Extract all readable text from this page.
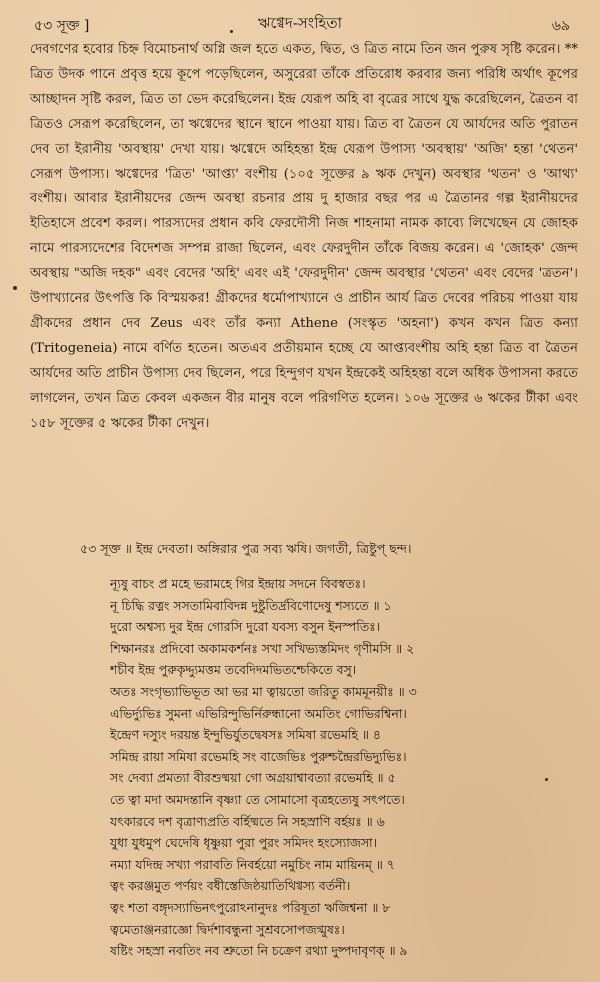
৫৩ সূক্ত ]	ঋগ্বেদ-সংহিতা	৬৯

দেবগণের হবোর চিহ্ন বিমোচনার্থ অগ্নি জল হতে একত, দ্বিত, ও ত্রিত নামে তিন জন পুরুষ সৃষ্টি করেন। ** ত্রিত উদক পানে প্রবৃত্ত হয়ে কূপে পড়েছিলেন, অসুরেরা তাঁকে প্রতিরোধ করবার জন্য পরিধি অর্থাৎ কূপের আচ্ছাদন সৃষ্টি করল, ত্রিত তা ভেদ করেছিলেন। ইন্দ্র যেরূপ অহি বা বৃত্রের সাথে যুদ্ধ করেছিলেন, ত্রৈতন বা ত্রিতও সেরূপ করেছিলেন, তা ঋগ্বেদের স্থানে স্থানে পাওয়া যায়। ত্রিত বা ত্রৈতন যে আর্যদের অতি পুরাতন দেব তা ইরানীয় 'অবস্থায়' দেখা যায়। ঋগ্বেদে অহিহন্তা ইন্দ্র যেরূপ উপাস্য 'অবস্থায়' 'অজি' হন্তা 'থেতন' সেরূপ উপাস্য। ঋগ্বেদের 'ত্রিত' 'আপ্ত্য' বংশীয় (১০৫ সূক্তের ৯ ঋক দেখুন) অবস্থার 'থতন' ও 'আথ্য' বংশীয়। আবার ইরানীয়দের জেন্দ অবস্থা রচনার প্রায় দু হাজার বছর পর এ ত্রৈতানর গল্প ইরানীয়দের ইতিহাসে প্রবেশ করল। পারস্যদের প্রধান কবি ফেরদৌসী নিজ শাহনামা নামক কাব্যে লিখেছেন যে জোহক নামে পারস্যদেশের বিদেশজ সম্পন্ন রাজা ছিলেন, এবং ফেরদুদীন তাঁকে বিজয় করেন। এ 'জোহক' জেন্দ অবস্থায় "অজি দহক" এবং বেদের 'অহি' এবং এই 'ফেরদুদীন' জেন্দ অবস্থার 'থেতন' এবং বেদের 'ত্রতন'। উপাখ্যানের উৎপত্তি কি বিস্ময়কর! গ্রীকদের ধর্মোপাখ্যানে ও প্রাচীন আর্য ত্রিত দেবের পরিচয় পাওয়া যায় গ্রীকদের প্রধান দেব Zeus এবং তাঁর কন্যা Athene (সংস্কৃত 'অহনা') কখন কখন ত্রিত কন্যা (Tritogeneia) নামে বর্ণিত হতেন। অতএব প্রতীয়মান হচ্ছে যে আপ্ত্যবংশীয় অহি হন্তা ত্রিত বা ত্রৈতন আর্যদের অতি প্রাচীন উপাস্য দেব ছিলেন, পরে হিন্দুগণ যখন ইন্দ্রকেই অহিহন্তা বলে অধিক উপাসনা করতে লাগলেন, তখন ত্রিত কেবল একজন বীর মানুষ বলে পরিগণিত হলেন। ১০৬ সূক্তের ৬ ঋকের টীকা এবং ১৫৮ সূক্তের ৫ ঋকের টীকা দেখুন।

৫৩ সূক্ত ॥ ইন্দ্র দেবতা। অঙ্গিরার পুত্র সব্য ঋষি। জগতী, ত্রিষ্টুপ্ ছন্দ।
ন্যূষু বাচং প্র মহে ভরামহে গির ইন্দ্রায় সদনে বিবস্বতঃ।
নূ চিদ্ধি রত্নং সসতামিবাবিদন্ন দুষ্টুতির্দ্রবিণোদেষু শস্যতে ॥ ১
দুরো অশ্বস্য দুর ইন্দ্র গোরসি দুরো যবস্য বসুন ইনস্পতিঃ।
শিক্ষানরঃ প্রদিবো অকামকর্শনঃ সখা সখিভ্যস্তমিদং গৃণীমসি ॥ ২
শচীব ইন্দ্র পুরুকৃদ্দ্যুমত্তম তবেদিদমভিতশ্চেকিতে বসু।
অতঃ সংগৃভ্যাভিভূত আ ভর মা ত্বায়তো জরিতু কামমূনয়ীঃ ॥ ৩
এভির্দ্যুভিঃ সুমনা এভিরিন্দুভির্নিরুন্ধানো অমতিং গোভিরশ্বিনা।
ইন্দ্রেণ দস্যুং দরয়ন্ত ইন্দুভির্যুতদ্বেষসঃ সমিষা রভেমহি ॥ ৪
সমিন্দ্র রায়া সমিষা রভেমহি সং বাজেভিঃ পুরুশ্চন্দ্রৈরভিদ্যুভিঃ।
সং দেব্যা প্রমত্যা বীরশুষ্ময়া গো অগ্রয়াশ্বাবত্যা রভেমহি ॥ ৫
তে ত্বা মদা অমদন্তানি বৃষ্ণ্যা তে সোমাসো বৃত্রহত্যেষু সৎপতে।
যৎকারবে দশ বৃত্রাণ্যপ্রতি বর্হিষ্মতে নি সহস্রাণি বর্হয়ঃ ॥ ৬
যুধা যুধমুপ ঘেদেষি ধৃষ্ণুয়া পুরা পুরং সমিদং হংস্যোজসা।
নম্যা যদিন্দ্র সখ্যা পরাবতি নিবর্হয়ো নমুচিং নাম মায়িনম্ ॥ ৭
ত্বং করঞ্জমুত পর্ণয়ং বধীস্তেজিষ্ঠয়াতিথিগ্বস্য বর্তনী।
ত্বং শতা বঙ্গৃদস্যাভিনৎপুরোঽনানুদঃ পরিষূতা ঋজিশ্বনা ॥ ৮
ত্বমেতাঞ্জনরাজ্ঞো দ্বির্দশাবন্ধুনা সুশ্রবসোপজগ্মুষঃ।
ষষ্টিং সহস্রা নবতিং নব শ্রুতো নি চক্রেণ রথ্যা দুষ্পদাবৃণক্ ॥ ৯
